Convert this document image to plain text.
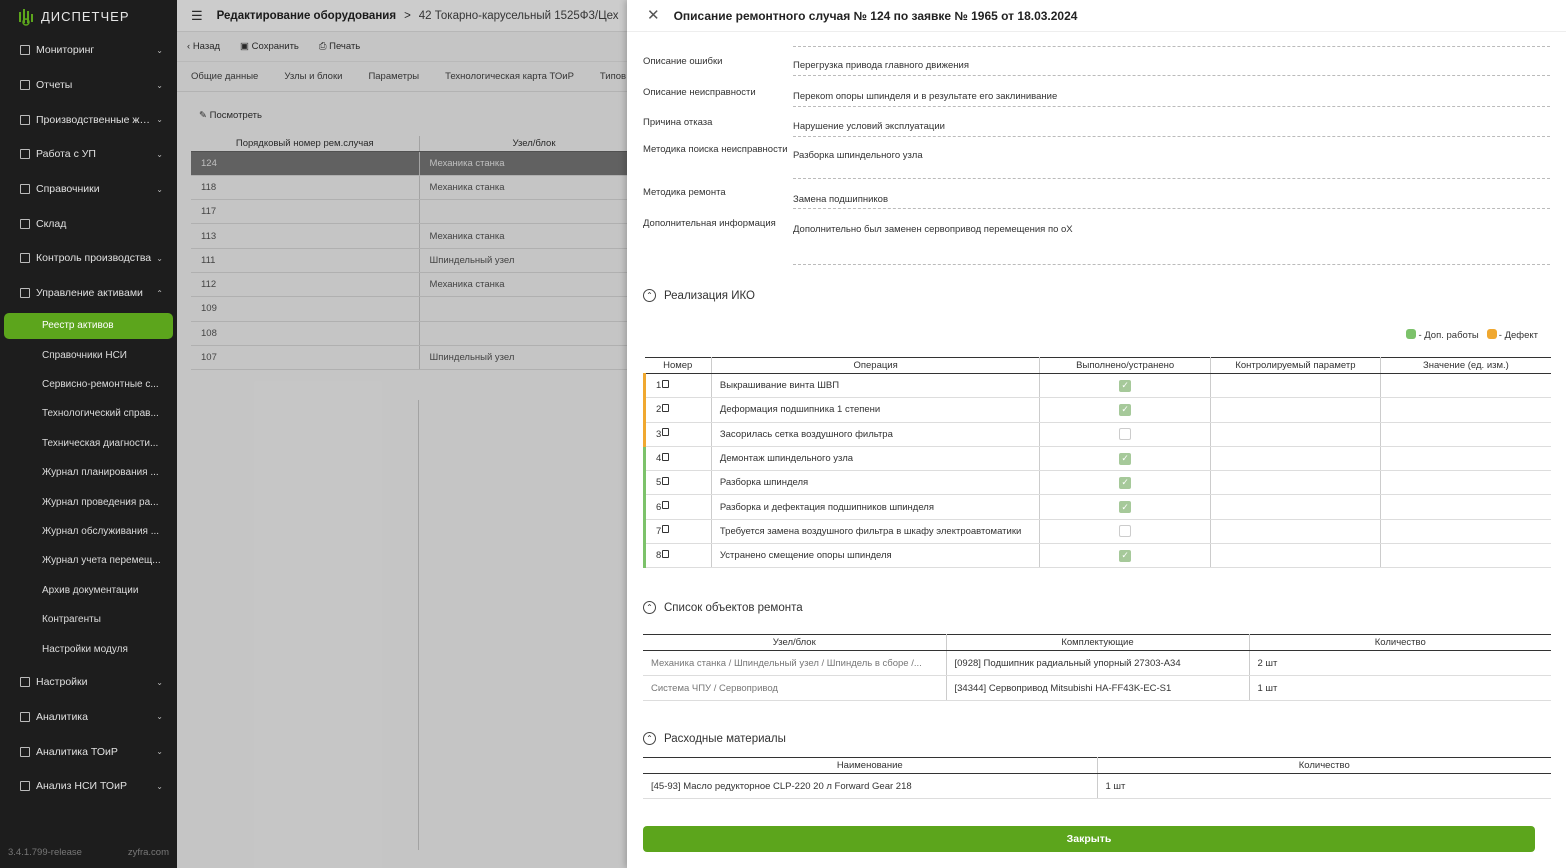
ДИСПЕТЧЕР
Мониторинг	⌄
Отчеты	⌄
Производственные жу...	⌄
Работа с УП	⌄
Справочники	⌄
Склад
Контроль производства ⌄
Управление активами	⌃
Реестр активов
Справочники НСИ
Сервисно-ремонтные с...
Технологический справ...
Техническая диагности...
Журнал планирования ...
Журнал проведения ра...
Журнал обслуживания ...
Журнал учета перемещ...
Архив документации
Контрагенты
Настройки модуля
Настройки	⌄
Аналитика	⌄
Аналитика ТОиР	⌄
Анализ НСИ ТОиР	⌄
3.4.1.799-release	zyfra.com
☰ Редактирование оборудования > 42 Токарно-карусельный 1525Ф3/Цех
‹ Назад ▣ Сохранить ⎙ Печать
Общие данные	Узлы и блоки	Параметры	Технологическая карта ТОиР	Типов
✎ Посмотреть
Порядковый номер рем.случая	Узел/блок
124	Механика станка
118	Механика станка
117	
113	Механика станка
111	Шпиндельный узел
112	Механика станка
109	
108	
107	Шпиндельный узел
✕ Описание ремонтного случая № 124 по заявке № 1965 от 18.03.2024
Описание ошибки	Перегрузка привода главного движения
Описание неисправности	Перекоm опоры шпинделя и в результате его заклинивание
Причина отказа	Нарушение условий эксплуатации
Методика поиска неисправности
Разборка шпиндельного узла
Методика ремонта
Замена подшипников
Дополнительная информация
Дополнительно был заменен сервопривод перемещения по оX
⌃ Реализация ИКО
- Доп. работы	- Дефект
Номер	Операция	Выполнено/устранено	Контролируемый параметр	Значение (ед. изм.)

1	Выкрашивание винта ШВП	✓		

2	Деформация подшипника 1 степени	✓		

3	Засорилась сетка воздушного фильтра	

4	Демонтаж шпиндельного узла	✓		

5	Разборка шпинделя	✓		

6	Разборка и дефектация подшипников шпинделя	✓		

7	Требуется замена воздушного фильтра в шкафу электроавтоматики	

8	Устранено смещение опоры шпинделя	✓		

⌃ Список объектов ремонта
Узел/блок	Комплектующие	Количество
Механика станка / Шпиндельный узел / Шпиндель в сборе /...	[0928] Подшипник радиальный упорный 27303-А34	2 шт
Система ЧПУ / Сервопривод	[34344] Сервопривод Mitsubishi HA-FF43K-EC-S1	1 шт
⌃ Расходные материалы
Наименование	Количество
[45-93] Масло редукторное CLP-220 20 л Forward Gear 218	1 шт
Закрыть
